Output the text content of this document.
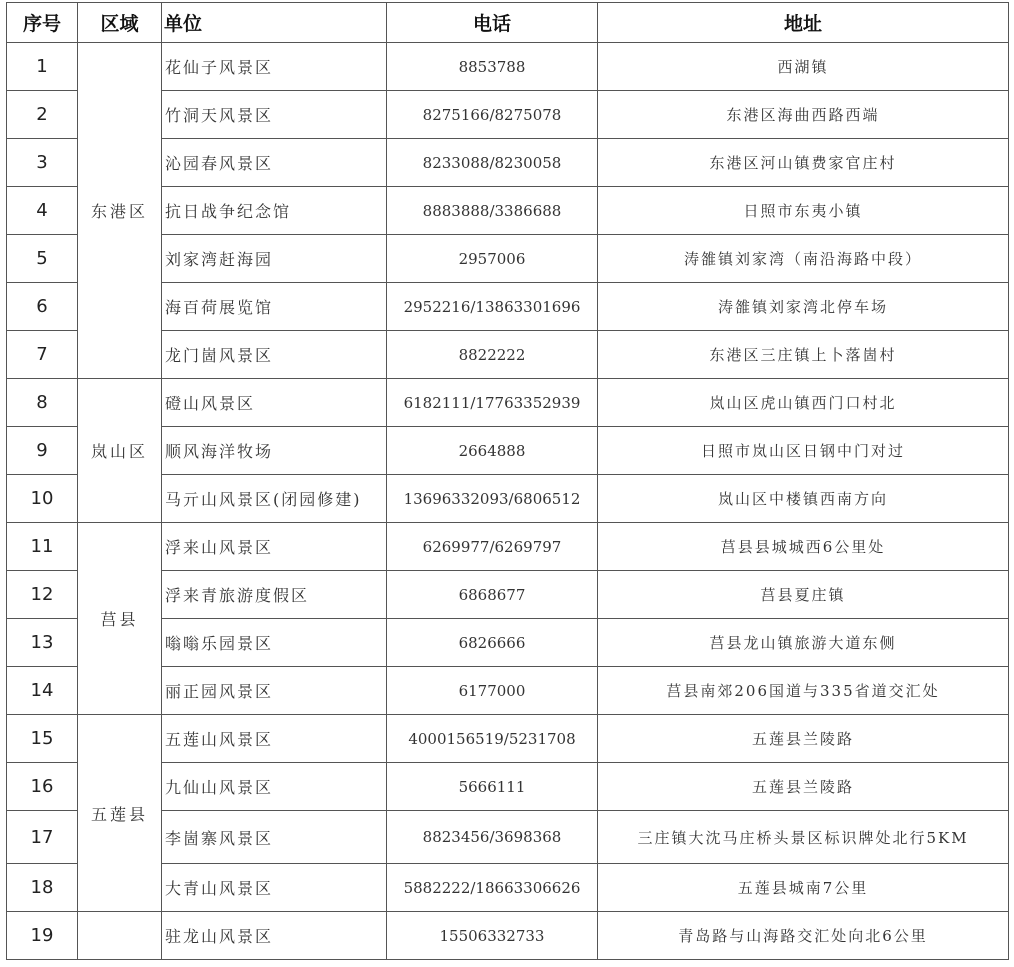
序号	区域	单位	电话	地址
1	东港区	花仙子风景区	8853788	西湖镇
2		竹洞天风景区	8275166/8275078	东港区海曲西路西端
3		沁园春风景区	8233088/8230058	东港区河山镇费家官庄村
4		抗日战争纪念馆	8883888/3386688	日照市东夷小镇
5		刘家湾赶海园	2957006	涛雒镇刘家湾（南沿海路中段）
6		海百荷展览馆	2952216/13863301696	涛雒镇刘家湾北停车场
7		龙门崮风景区	8822222	东港区三庄镇上卜落崮村
8	岚山区	磴山风景区	6182111/17763352939	岚山区虎山镇西门口村北
9		顺风海洋牧场	2664888	日照市岚山区日钢中门对过
10		马亓山风景区(闭园修建)	13696332093/6806512	岚山区中楼镇西南方向
11	莒县	浮来山风景区	6269977/6269797	莒县县城城西6公里处
12		浮来青旅游度假区	6868677	莒县夏庄镇
13		嗡嗡乐园景区	6826666	莒县龙山镇旅游大道东侧
14		丽正园风景区	6177000	莒县南郊206国道与335省道交汇处
15	五莲县	五莲山风景区	4000156519/5231708	五莲县兰陵路
16		九仙山风景区	5666111	五莲县兰陵路
17		李崮寨风景区	8823456/3698368	三庄镇大沈马庄桥头景区标识牌处北行5KM
18		大青山风景区	5882222/18663306626	五莲县城南7公里
19		驻龙山风景区	15506332733	青岛路与山海路交汇处向北6公里
